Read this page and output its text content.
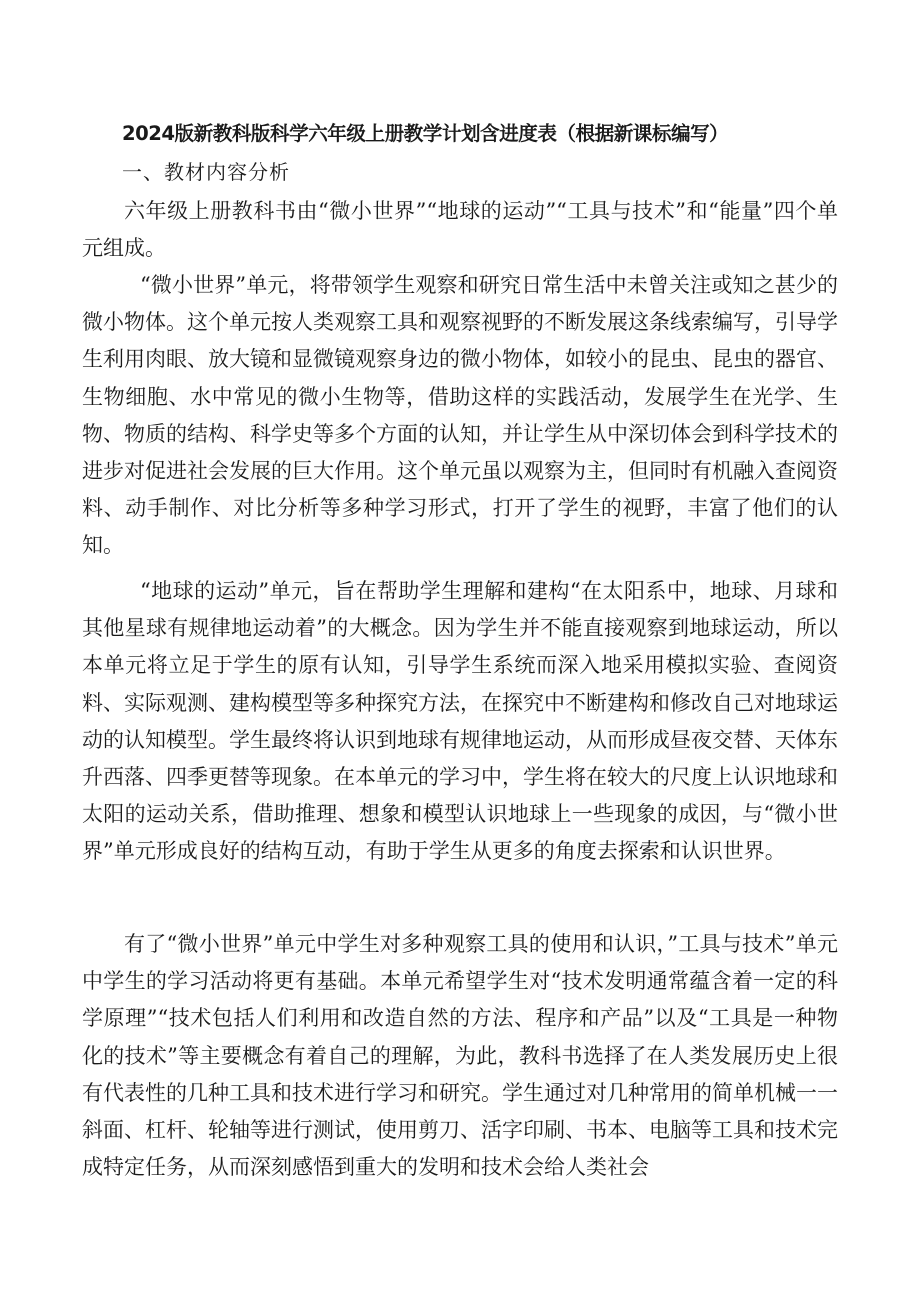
2024版新教科版科学六年级上册教学计划含进度表（根据新课标编写）
一、教材内容分析

六年级上册教科书由“微小世界”“地球的运动”“工具与技术”和“能量”四个单元组成。

“微小世界”单元，将带领学生观察和研究日常生活中未曾关注或知之甚少的微小物体。这个单元按人类观察工具和观察视野的不断发展这条线索编写，引导学生利用肉眼、放大镜和显微镜观察身边的微小物体，如较小的昆虫、昆虫的器官、生物细胞、水中常见的微小生物等，借助这样的实践活动，发展学生在光学、生物、物质的结构、科学史等多个方面的认知，并让学生从中深切体会到科学技术的进步对促进社会发展的巨大作用。这个单元虽以观察为主，但同时有机融入查阅资料、动手制作、对比分析等多种学习形式，打开了学生的视野，丰富了他们的认知。

“地球的运动”单元，旨在帮助学生理解和建构“在太阳系中，地球、月球和其他星球有规律地运动着”的大概念。因为学生并不能直接观察到地球运动，所以本单元将立足于学生的原有认知，引导学生系统而深入地采用模拟实验、查阅资料、实际观测、建构模型等多种探究方法，在探究中不断建构和修改自己对地球运动的认知模型。学生最终将认识到地球有规律地运动，从而形成昼夜交替、天体东升西落、四季更替等现象。在本单元的学习中，学生将在较大的尺度上认识地球和太阳的运动关系，借助推理、想象和模型认识地球上一些现象的成因，与“微小世界”单元形成良好的结构互动，有助于学生从更多的角度去探索和认识世界。

有了“微小世界”单元中学生对多种观察工具的使用和认识，”工具与技术”单元中学生的学习活动将更有基础。本单元希望学生对“技术发明通常蕴含着一定的科学原理”“技术包括人们利用和改造自然的方法、程序和产品”以及“工具是一种物化的技术”等主要概念有着自己的理解，为此，教科书选择了在人类发展历史上很有代表性的几种工具和技术进行学习和研究。学生通过对几种常用的简单机械一一斜面、杠杆、轮轴等进行测试，使用剪刀、活字印刷、书本、电脑等工具和技术完成特定任务，从而深刻感悟到重大的发明和技术会给人类社会
